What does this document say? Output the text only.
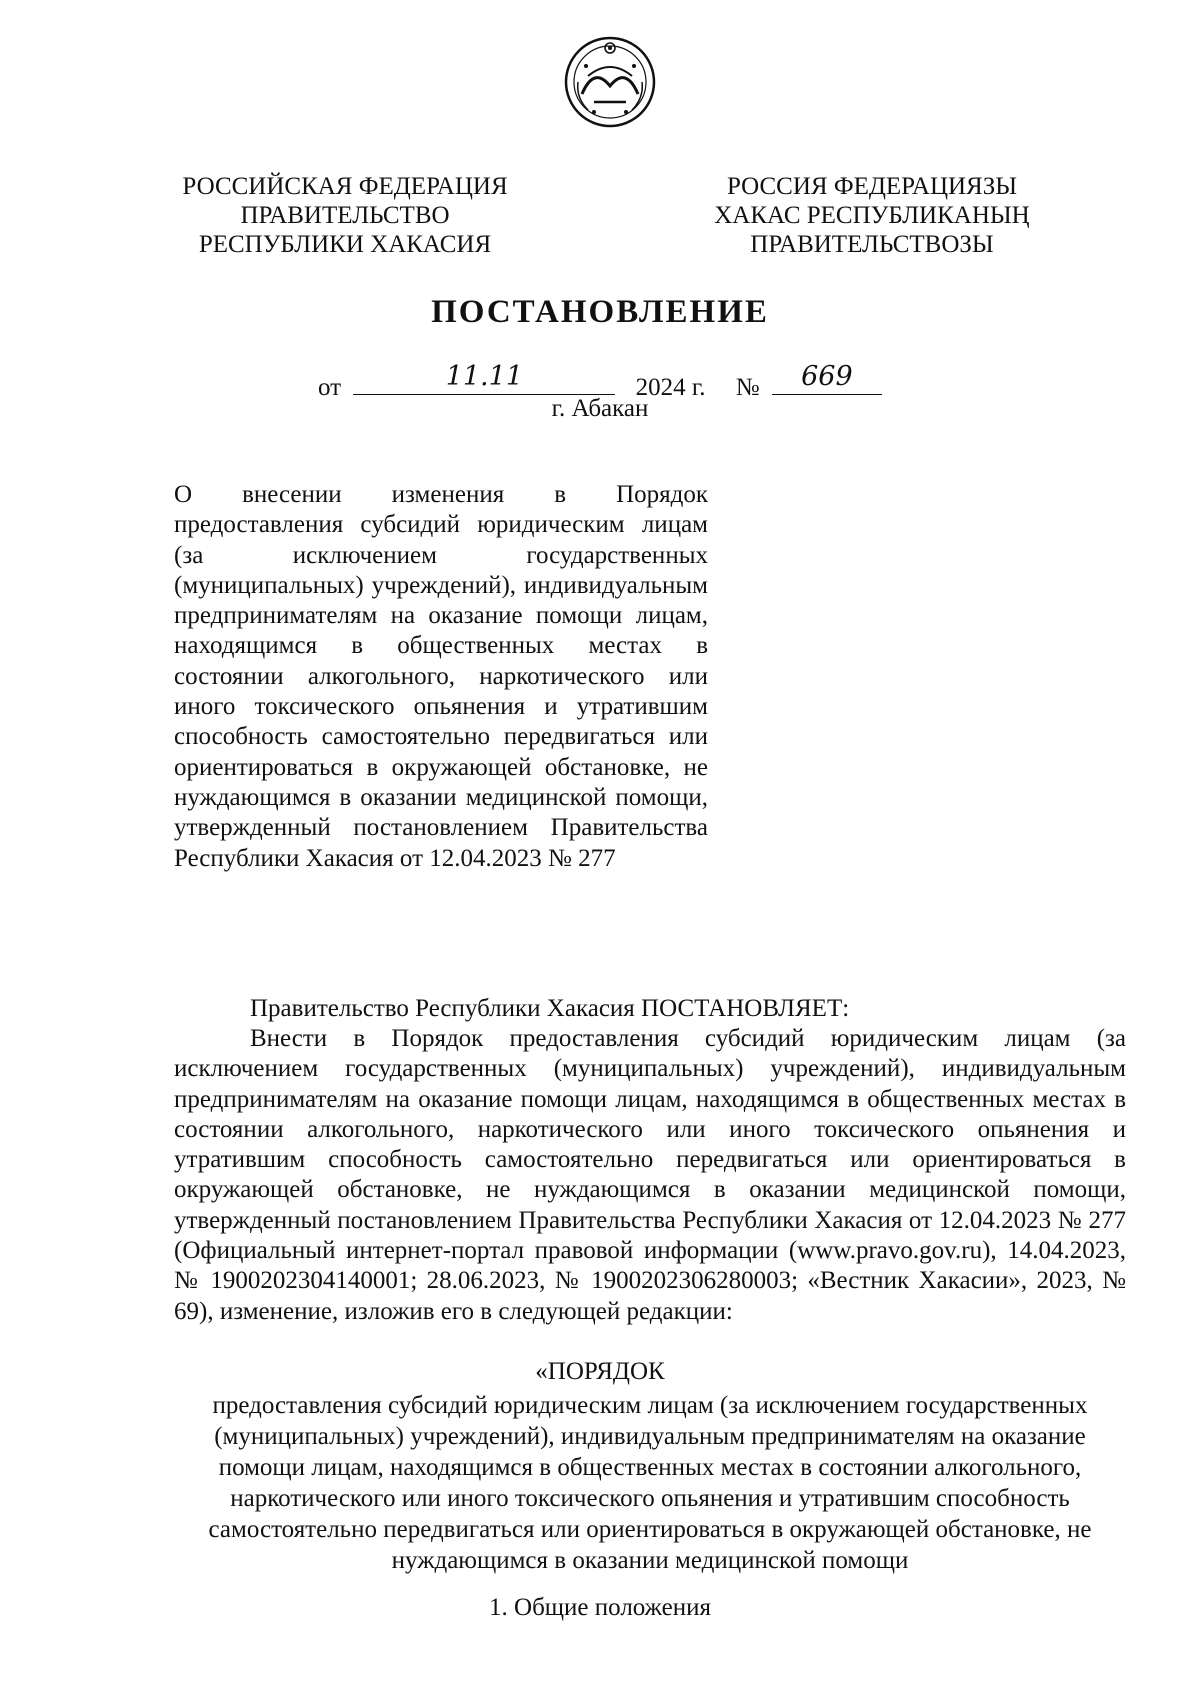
РОССИЙСКАЯ ФЕДЕРАЦИЯ
ПРАВИТЕЛЬСТВО
РЕСПУБЛИКИ ХАКАСИЯ
РОССИЯ ФЕДЕРАЦИЯЗЫ
ХАКАС РЕСПУБЛИКАНЫҢ
ПРАВИТЕЛЬСТВОЗЫ
ПОСТАНОВЛЕНИЕ
от	11.11	2024 г. №	669
г. Абакан
О внесении изменения в Порядок предоставления субсидий юридическим лицам (за исключением государственных (муниципальных) учреждений), индивидуальным предпринимателям на оказание помощи лицам, находящимся в общественных местах в состоянии алкогольного, наркотического или иного токсического опьянения и утратившим способность самостоятельно передвигаться или ориентироваться в окружающей обстановке, не нуждающимся в оказании медицинской помощи, утвержденный постановлением Правительства Республики Хакасия от 12.04.2023 № 277
Правительство Республики Хакасия ПОСТАНОВЛЯЕТ:
Внести в Порядок предоставления субсидий юридическим лицам (за исключением государственных (муниципальных) учреждений), индивидуальным предпринимателям на оказание помощи лицам, находящимся в общественных местах в состоянии алкогольного, наркотического или иного токсического опьянения и утратившим способность самостоятельно передвигаться или ориентироваться в окружающей обстановке, не нуждающимся в оказании медицинской помощи, утвержденный постановлением Правительства Республики Хакасия от 12.04.2023 № 277 (Официальный интернет-портал правовой информации (www.pravo.gov.ru), 14.04.2023, № 1900202304140001; 28.06.2023, № 1900202306280003; «Вестник Хакасии», 2023, № 69), изменение, изложив его в следующей редакции:
«ПОРЯДОК
предоставления субсидий юридическим лицам (за исключением государственных (муниципальных) учреждений), индивидуальным предпринимателям на оказание помощи лицам, находящимся в общественных местах в состоянии алкогольного, наркотического или иного токсического опьянения и утратившим способность самостоятельно передвигаться или ориентироваться в окружающей обстановке, не нуждающимся в оказании медицинской помощи
1. Общие положения
